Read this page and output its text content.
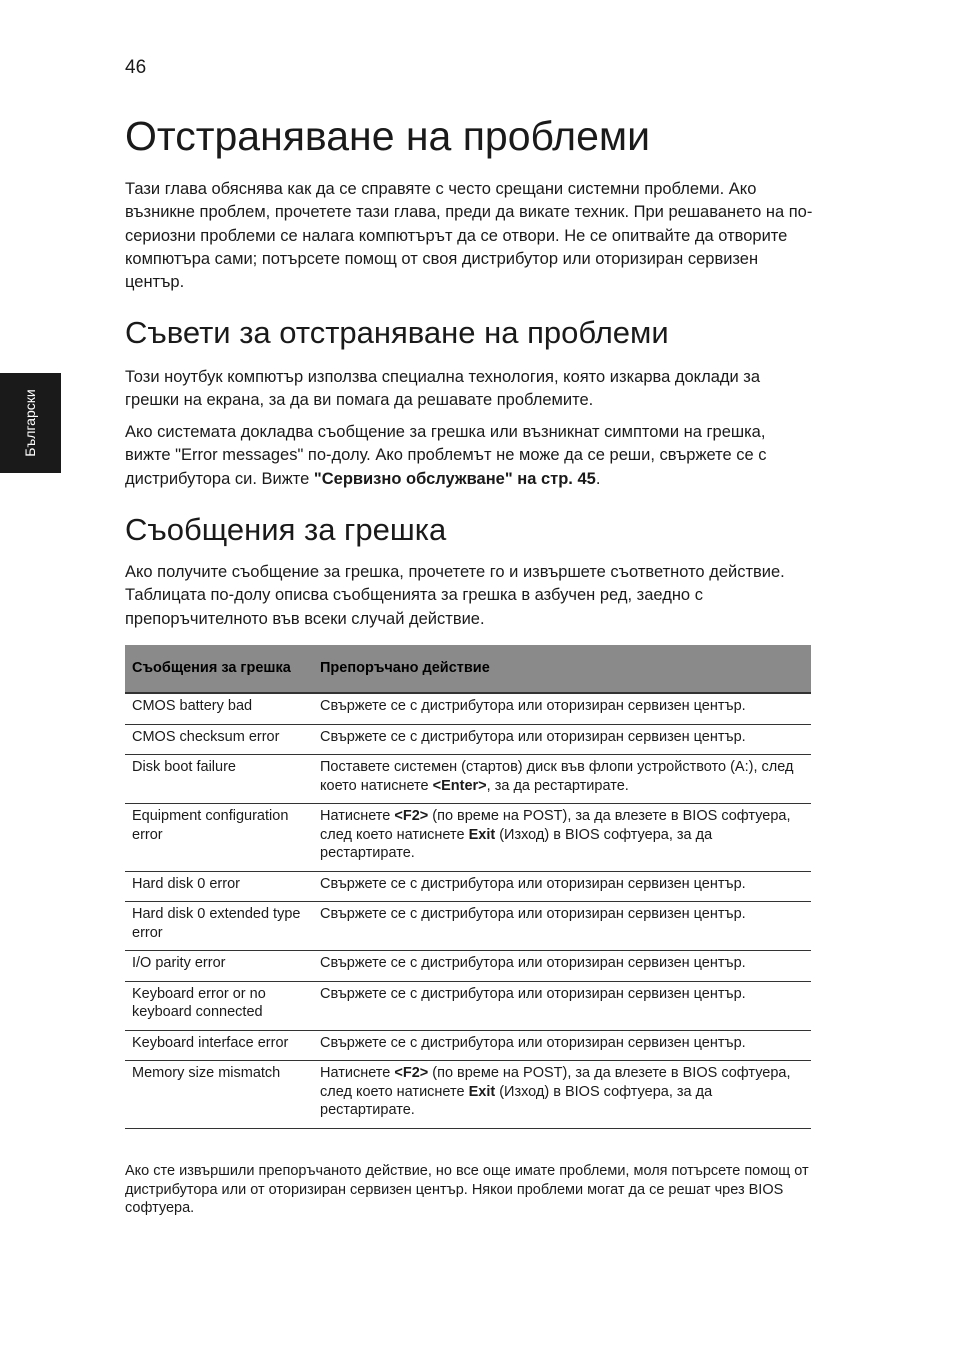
46
Български
Отстраняване на проблеми

Тази глава обяснява как да се справяте с често срещани системни проблеми. Ако възникне проблем, прочетете тази глава, преди да викате техник. При решаването на по-сериозни проблеми се налага компютърът да се отвори. Не се опитвайте да отворите компютъра сами; потърсете помощ от своя дистрибутор или оторизиран сервизен център.

Съвети за отстраняване на проблеми

Този ноутбук компютър използва специална технология, която изкарва доклади за грешки на екрана, за да ви помага да решавате проблемите.

Ако системата докладва съобщение за грешка или възникнат симптоми на грешка, вижте "Error messages" по-долу. Ако проблемът не може да се реши, свържете се с дистрибутора си. Вижте "Сервизно обслужване" на стр. 45.

Съобщения за грешка

Ако получите съобщение за грешка, прочетете го и извършете съответното действие. Таблицата по-долу описва съобщенията за грешка в азбучен ред, заедно с препоръчителното във всеки случай действие.

Съобщения за грешка	Препоръчано действие
CMOS battery bad	Свържете се с дистрибутора или оторизиран сервизен център.
CMOS checksum error	Свържете се с дистрибутора или оторизиран сервизен център.
Disk boot failure	Поставете системен (стартов) диск във флопи устройството (A:), след което натиснете <Enter>, за да рестартирате.
Equipment configuration error	Натиснете <F2> (по време на POST), за да влезете в BIOS софтуера, след което натиснете Exit (Изход) в BIOS софтуера, за да рестартирате.
Hard disk 0 error	Свържете се с дистрибутора или оторизиран сервизен център.
Hard disk 0 extended type error	Свържете се с дистрибутора или оторизиран сервизен център.
I/O parity error	Свържете се с дистрибутора или оторизиран сервизен център.
Keyboard error or no keyboard connected	Свържете се с дистрибутора или оторизиран сервизен център.
Keyboard interface error	Свържете се с дистрибутора или оторизиран сервизен център.
Memory size mismatch	Натиснете <F2> (по време на POST), за да влезете в BIOS софтуера, след което натиснете Exit (Изход) в BIOS софтуера, за да рестартирате.

Ако сте извършили препоръчаното действие, но все още имате проблеми, моля потърсете помощ от дистрибутора или от оторизиран сервизен център. Някои проблеми могат да се решат чрез BIOS софтуера.
